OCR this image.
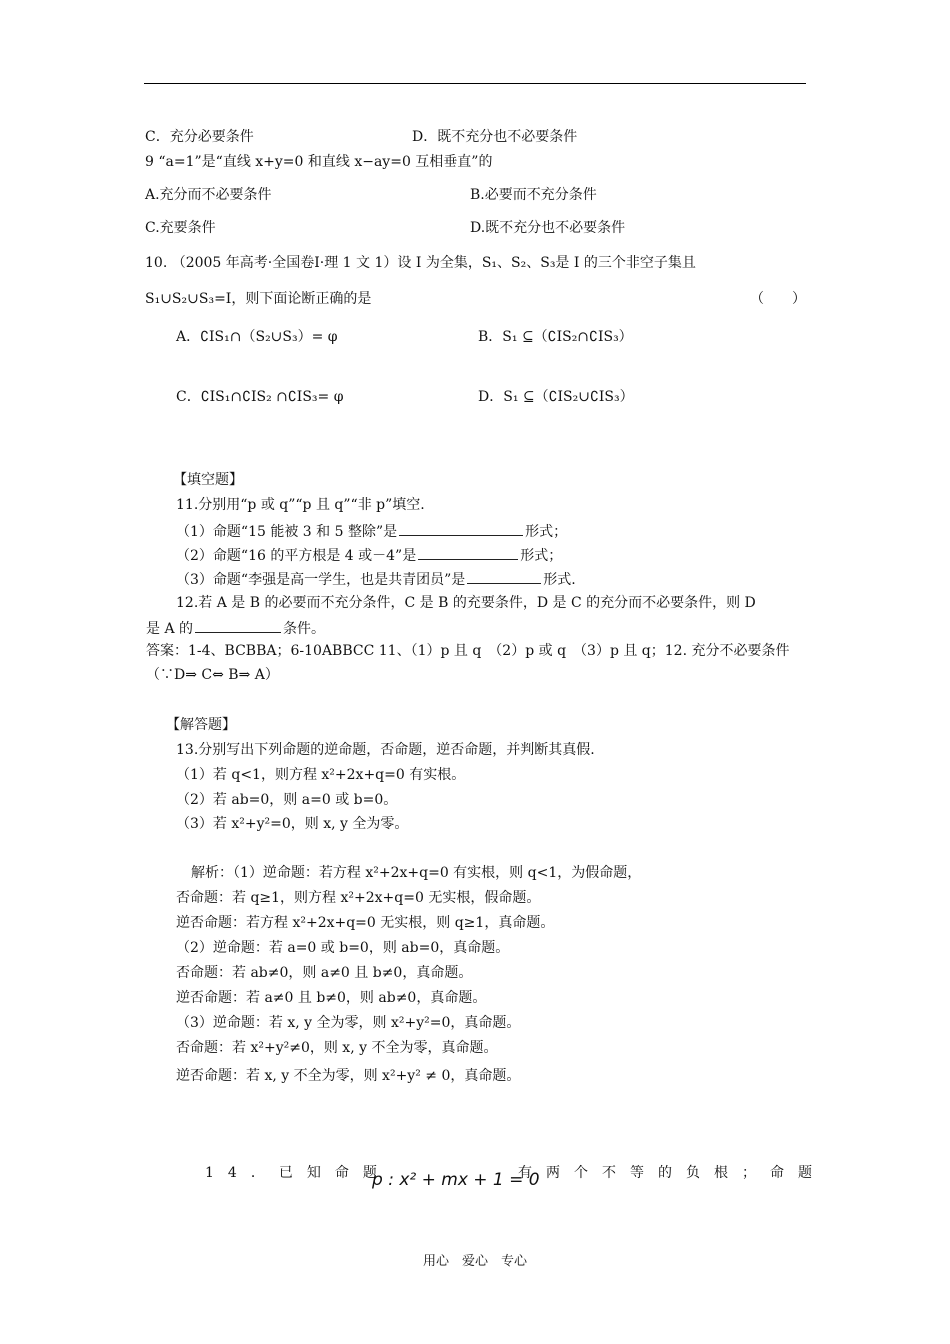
C．充分必要条件	D．既不充分也不必要条件
9 “a=1”是“直线 x+y=0 和直线 x−ay=0 互相垂直”的
A.充分而不必要条件	B.必要而不充分条件
C.充要条件	D.既不充分也不必要条件
10. （2005 年高考·全国卷Ⅰ·理 1 文 1）设 I 为全集，S₁、S₂、S₃是 I 的三个非空子集且
S₁∪S₂∪S₃=I，则下面论断正确的是	（　　）
A．∁IS₁∩（S₂∪S₃）= φ	B．S₁ ⊆（∁IS₂∩∁IS₃）
C．∁IS₁∩∁IS₂ ∩∁IS₃= φ	D．S₁ ⊆（∁IS₂∪∁IS₃）
【填空题】
11.分别用“p 或 q”“p 且 q”“非 p”填空.
（1）命题“15 能被 3 和 5 整除”是	形式；
（2）命题“16 的平方根是 4 或－4”是	形式；
（3）命题“李强是高一学生，也是共青团员”是	形式.
12.若 A 是 B 的必要而不充分条件，C 是 B 的充要条件，D 是 C 的充分而不必要条件，则 D
是 A 的	条件。
答案：1-4、BCBBA；6-10ABBCC 11、（1）p 且 q　（2）p 或 q　（3）p 且 q；12. 充分不必要条件
（∵D⇒ C⇔ B⇒ A）
【解答题】
13.分别写出下列命题的逆命题，否命题，逆否命题，并判断其真假.
（1）若 q<1，则方程 x²+2x+q=0 有实根。
（2）若 ab=0，则 a=0 或 b=0。
（3）若 x²+y²=0，则 x, y 全为零。
解析：（1）逆命题：若方程 x²+2x+q=0 有实根，则 q<1，为假命题，
否命题：若 q≥1，则方程 x²+2x+q=0 无实根，假命题。
逆否命题：若方程 x²+2x+q=0 无实根，则 q≥1，真命题。
（2）逆命题：若 a=0 或 b=0，则 ab=0，真命题。
否命题：若 ab≠0，则 a≠0 且 b≠0，真命题。
逆否命题：若 a≠0 且 b≠0，则 ab≠0，真命题。
（3）逆命题：若 x, y 全为零，则 x²+y²=0，真命题。
否命题：若 x²+y²≠0，则 x, y 不全为零，真命题。
逆否命题：若 x, y 不全为零，则 x²+y² ≠ 0，真命题。
14．已知命题
p : x² + mx + 1 = 0
有两个不等的负根；命题
用心　爱心　专心
